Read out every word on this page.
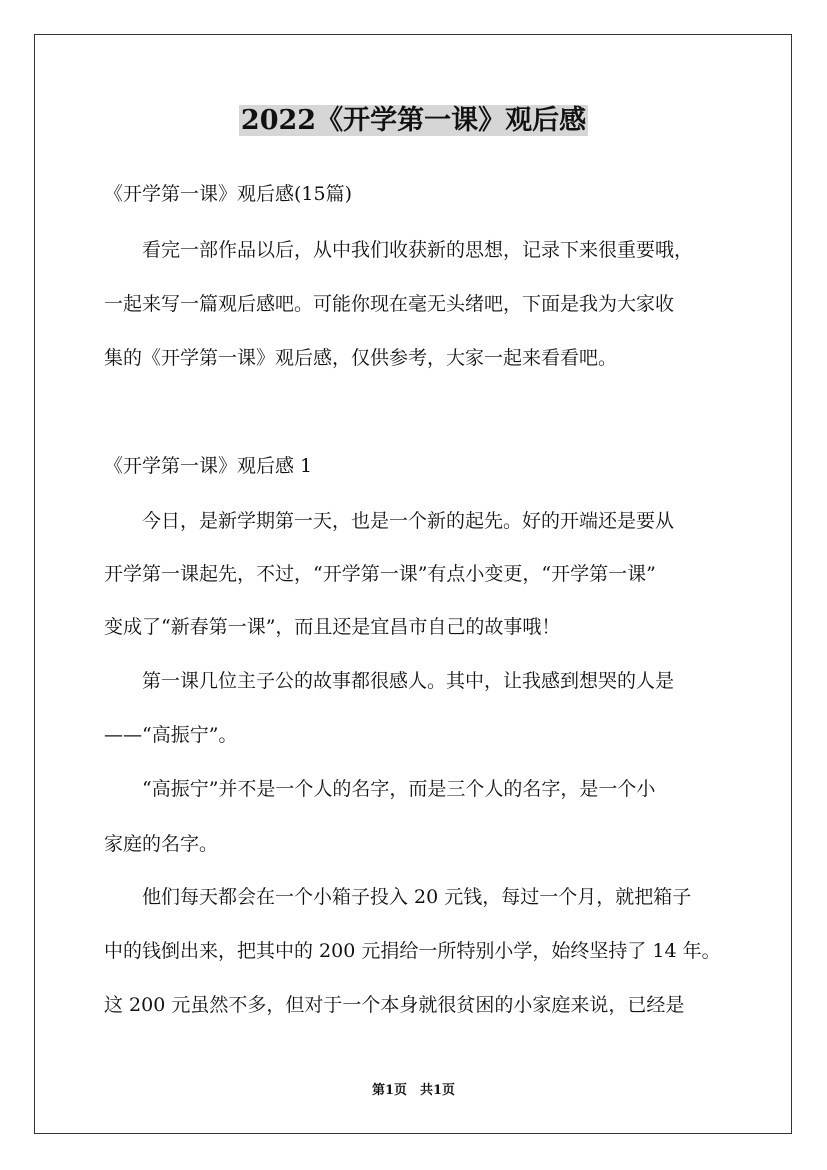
2022《开学第一课》观后感
《开学第一课》观后感(15篇)
　　看完一部作品以后，从中我们收获新的思想，记录下来很重要哦，
一起来写一篇观后感吧。可能你现在毫无头绪吧，下面是我为大家收
集的《开学第一课》观后感，仅供参考，大家一起来看看吧。
《开学第一课》观后感 1
　　今日，是新学期第一天，也是一个新的起先。好的开端还是要从
开学第一课起先，不过，“开学第一课”有点小变更，“开学第一课”
变成了“新春第一课”，而且还是宜昌市自己的故事哦！
　　第一课几位主子公的故事都很感人。其中，让我感到想哭的人是
——“高振宁”。
　　“高振宁”并不是一个人的名字，而是三个人的名字，是一个小
家庭的名字。
　　他们每天都会在一个小箱子投入 20 元钱，每过一个月，就把箱子
中的钱倒出来，把其中的 200 元捐给一所特别小学，始终坚持了 14 年。
这 200 元虽然不多，但对于一个本身就很贫困的小家庭来说，已经是
第1页　共1页
